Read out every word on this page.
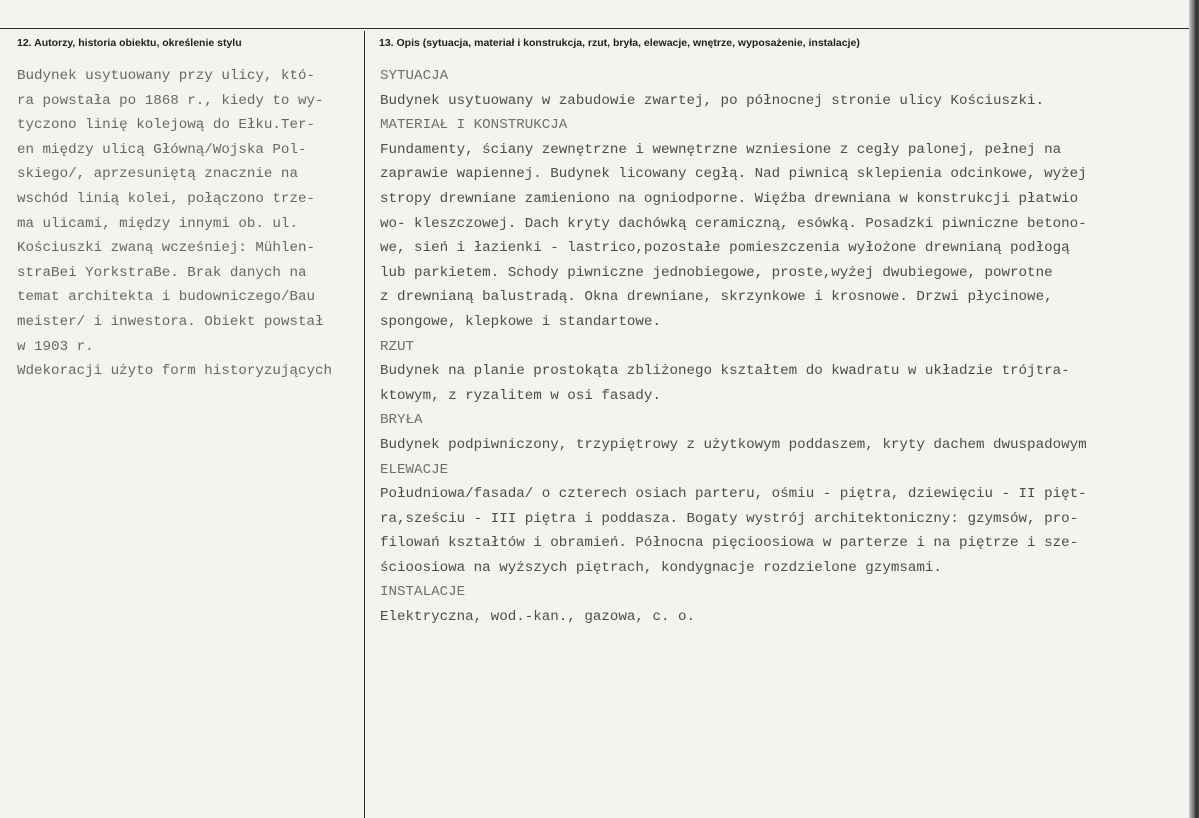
12. Autorzy, historia obiektu, określenie stylu	13. Opis (sytuacja, materiał i konstrukcja, rzut, bryła, elewacje, wnętrze, wyposażenie, instalacje)
Budynek usytuowany przy ulicy, któ-
ra powstała po 1868 r., kiedy to wy-
tyczono linię kolejową do Ełku.Ter-
en między ulicą Główną/Wojska Pol-
skiego/, aprzesuniętą znacznie na
wschód linią kolei, połączono trze-
ma ulicami, między innymi ob. ul.
Kościuszki zwaną wcześniej: Mühlen-
straBei YorkstraBe. Brak danych na
temat architekta i budowniczego/Bau
meister/ i inwestora. Obiekt powstał
w 1903 r.
Wdekoracji użyto form historyzujących
SYTUACJA
Budynek usytuowany w zabudowie zwartej, po północnej stronie ulicy Kościuszki.
MATERIAŁ I KONSTRUKCJA
Fundamenty, ściany zewnętrzne i wewnętrzne wzniesione z cegły palonej, pełnej na
zaprawie wapiennej. Budynek licowany cegłą. Nad piwnicą sklepienia odcinkowe, wyżej
stropy drewniane zamieniono na ogniodporne. Więźba drewniana w konstrukcji płatwio
wo- kleszczowej. Dach kryty dachówką ceramiczną, esówką. Posadzki piwniczne betono-
we, sień i łazienki - lastrico,pozostałe pomieszczenia wyłożone drewnianą podłogą
lub parkietem. Schody piwniczne jednobiegowe, proste,wyżej dwubiegowe, powrotne
z drewnianą balustradą. Okna drewniane, skrzynkowe i krosnowe. Drzwi płycinowe,
spongowe, klepkowe i standartowe.
RZUT
Budynek na planie prostokąta zbliżonego kształtem do kwadratu w układzie trójtra-
ktowym, z ryzalitem w osi fasady.
BRYŁA
Budynek podpiwniczony, trzypiętrowy z użytkowym poddaszem, kryty dachem dwuspadowym
ELEWACJE
Południowa/fasada/ o czterech osiach parteru, ośmiu - piętra, dziewięciu - II pięt-
ra,sześciu - III piętra i poddasza. Bogaty wystrój architektoniczny: gzymsów, pro-
filowań kształtów i obramień. Północna pięcioosiowa w parterze i na piętrze i sze-
ścioosiowa na wyższych piętrach, kondygnacje rozdzielone gzymsami.
INSTALACJE
Elektryczna, wod.-kan., gazowa, c. o.
